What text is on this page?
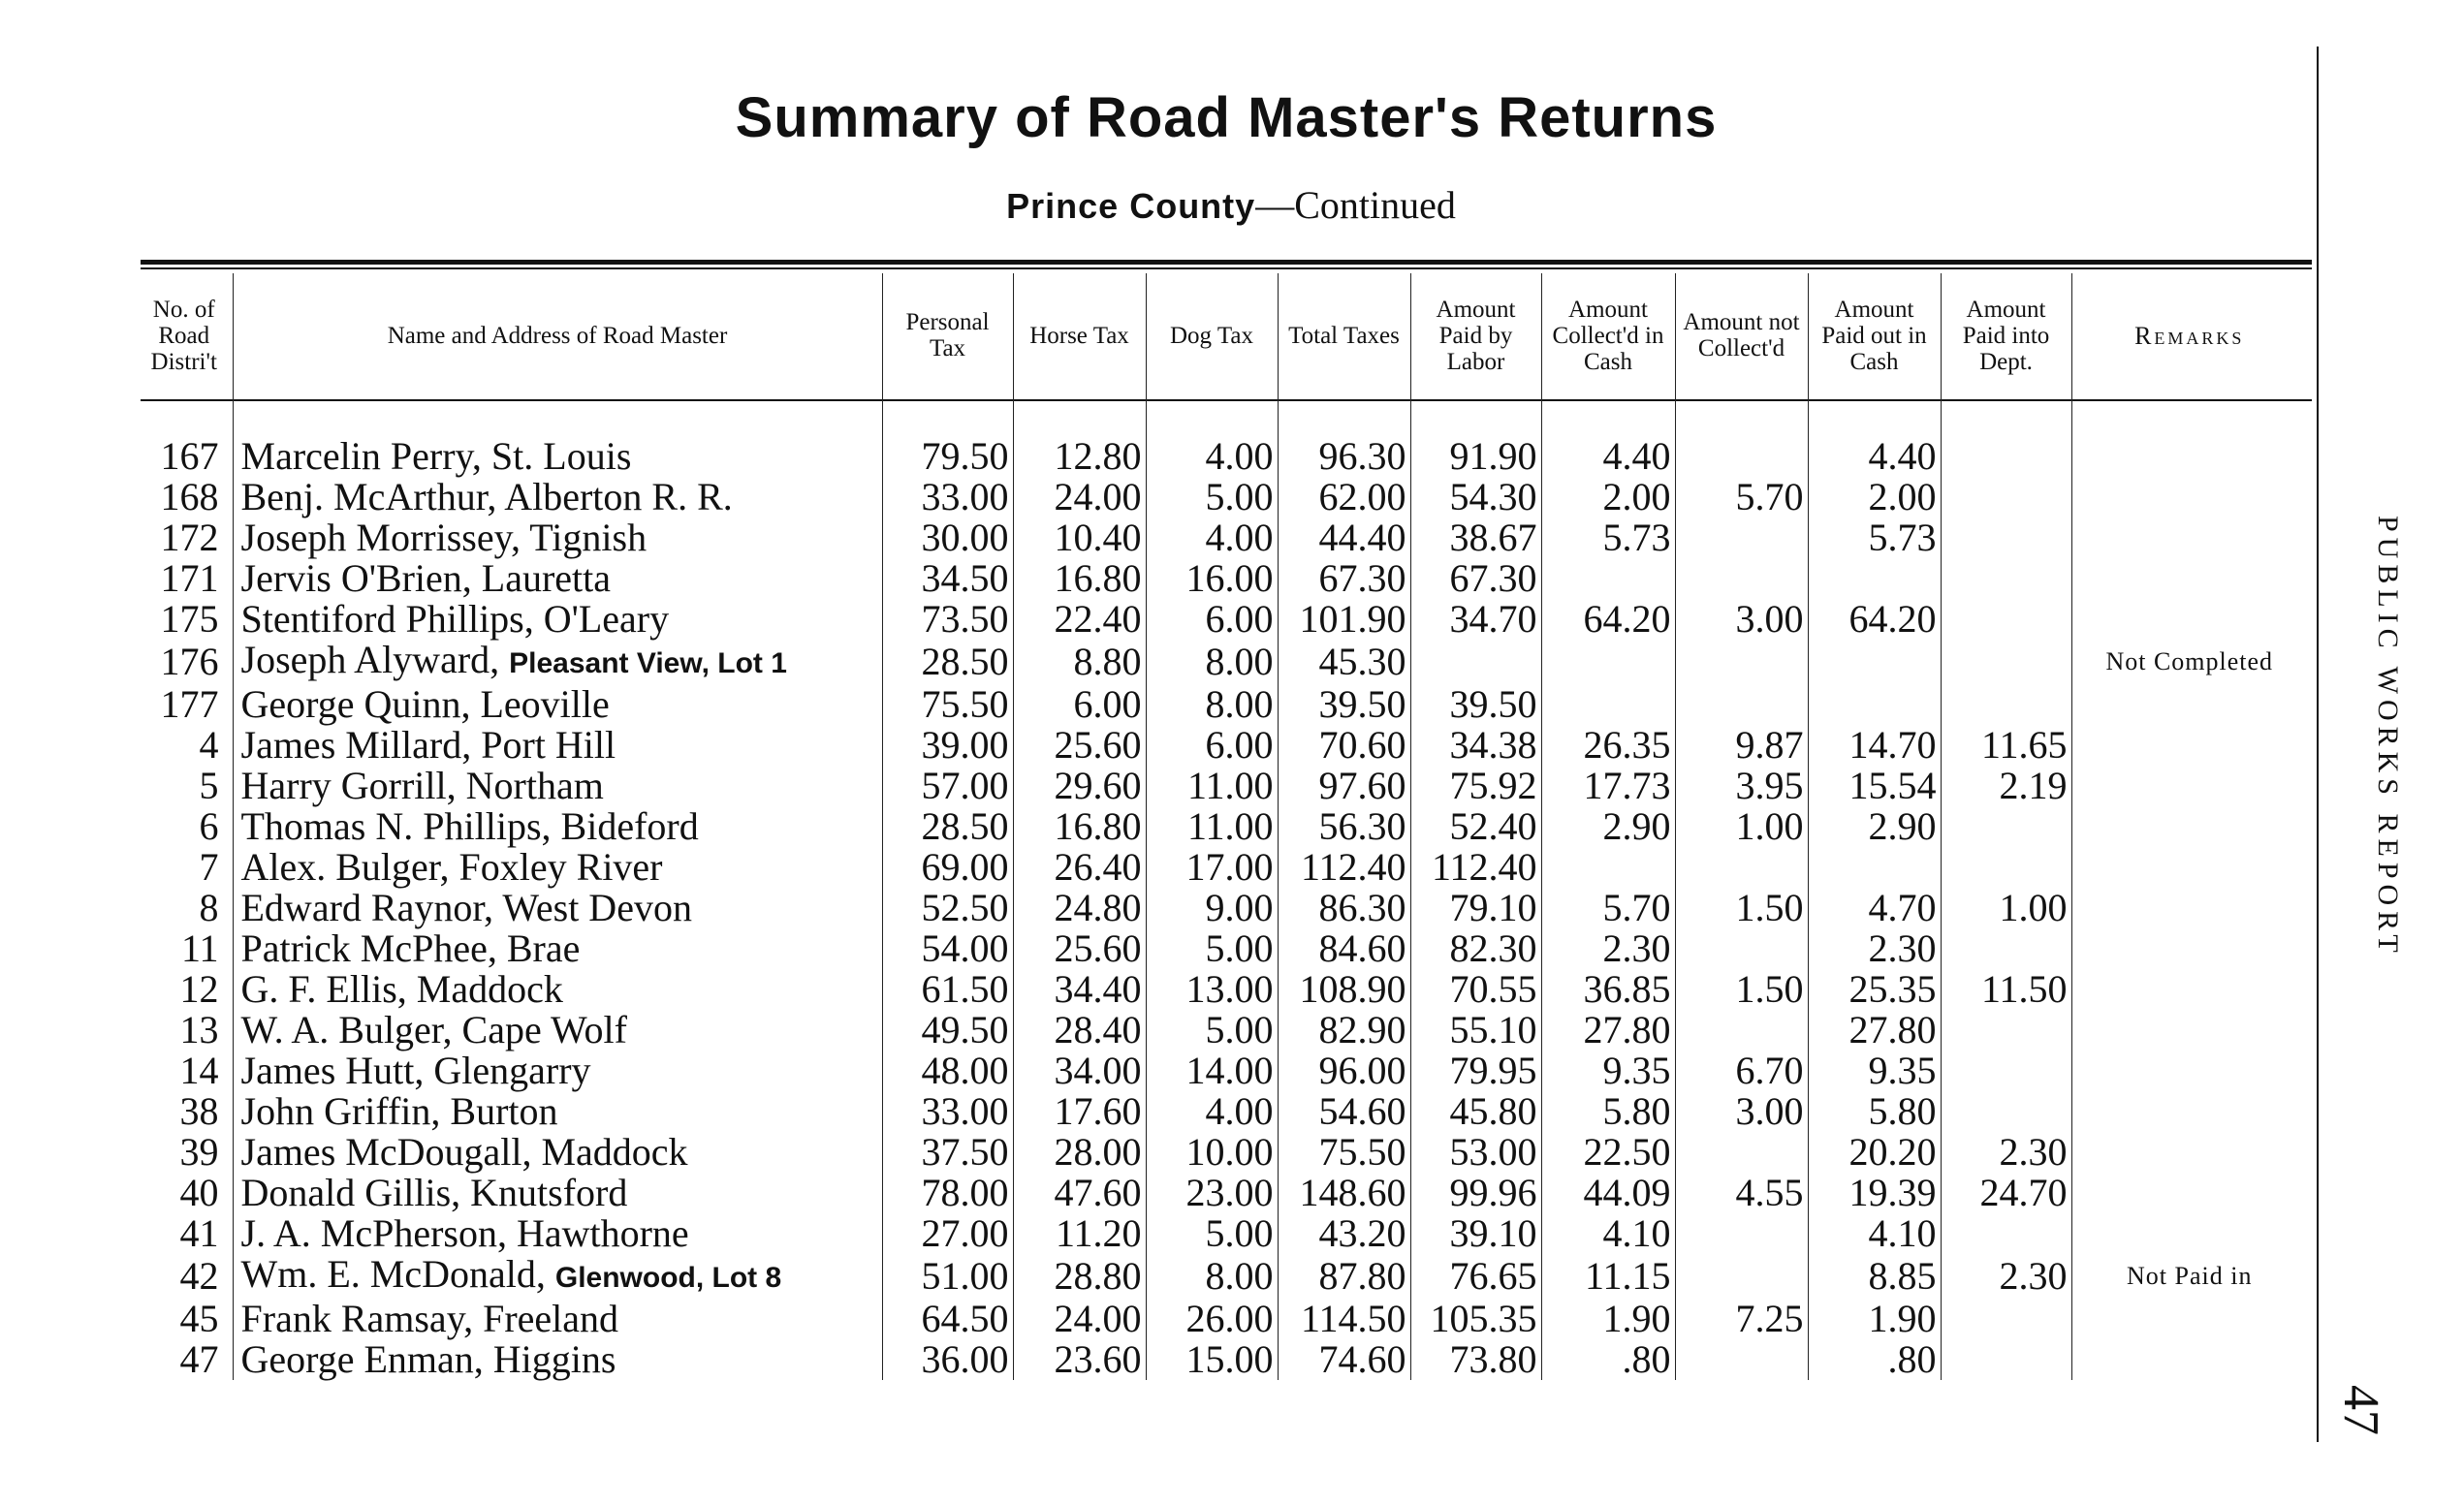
Summary of Road Master's Returns
Prince County—Continued
PUBLIC WORKS REPORT
47
No. of Road Distri't	Name and Address of Road Master	Personal Tax	Horse Tax	Dog Tax	Total Taxes	Amount Paid by Labor	Amount Collect'd in Cash	Amount not Collect'd	Amount Paid out in Cash	Amount Paid into Dept.	Remarks

167	Marcelin Perry, St. Louis	79.50	12.80	4.00	96.30	91.90	4.40		4.40		
168	Benj. McArthur, Alberton R. R.	33.00	24.00	5.00	62.00	54.30	2.00	5.70	2.00		
172	Joseph Morrissey, Tignish	30.00	10.40	4.00	44.40	38.67	5.73		5.73		
171	Jervis O'Brien, Lauretta	34.50	16.80	16.00	67.30	67.30					
175	Stentiford Phillips, O'Leary	73.50	22.40	6.00	101.90	34.70	64.20	3.00	64.20		
176	Joseph Alyward, Pleasant View, Lot 1	28.50	8.80	8.00	45.30						Not Completed
177	George Quinn, Leoville	75.50	6.00	8.00	39.50	39.50					
4	James Millard, Port Hill	39.00	25.60	6.00	70.60	34.38	26.35	9.87	14.70	11.65	
5	Harry Gorrill, Northam	57.00	29.60	11.00	97.60	75.92	17.73	3.95	15.54	2.19	
6	Thomas N. Phillips, Bideford	28.50	16.80	11.00	56.30	52.40	2.90	1.00	2.90		
7	Alex. Bulger, Foxley River	69.00	26.40	17.00	112.40	112.40					
8	Edward Raynor, West Devon	52.50	24.80	9.00	86.30	79.10	5.70	1.50	4.70	1.00	
11	Patrick McPhee, Brae	54.00	25.60	5.00	84.60	82.30	2.30		2.30		
12	G. F. Ellis, Maddock	61.50	34.40	13.00	108.90	70.55	36.85	1.50	25.35	11.50	
13	W. A. Bulger, Cape Wolf	49.50	28.40	5.00	82.90	55.10	27.80		27.80		
14	James Hutt, Glengarry	48.00	34.00	14.00	96.00	79.95	9.35	6.70	9.35		
38	John Griffin, Burton	33.00	17.60	4.00	54.60	45.80	5.80	3.00	5.80		
39	James McDougall, Maddock	37.50	28.00	10.00	75.50	53.00	22.50		20.20	2.30	
40	Donald Gillis, Knutsford	78.00	47.60	23.00	148.60	99.96	44.09	4.55	19.39	24.70	
41	J. A. McPherson, Hawthorne	27.00	11.20	5.00	43.20	39.10	4.10		4.10		
42	Wm. E. McDonald, Glenwood, Lot 8	51.00	28.80	8.00	87.80	76.65	11.15		8.85	2.30	Not Paid in
45	Frank Ramsay, Freeland	64.50	24.00	26.00	114.50	105.35	1.90	7.25	1.90		
47	George Enman, Higgins	36.00	23.60	15.00	74.60	73.80	.80		.80		
